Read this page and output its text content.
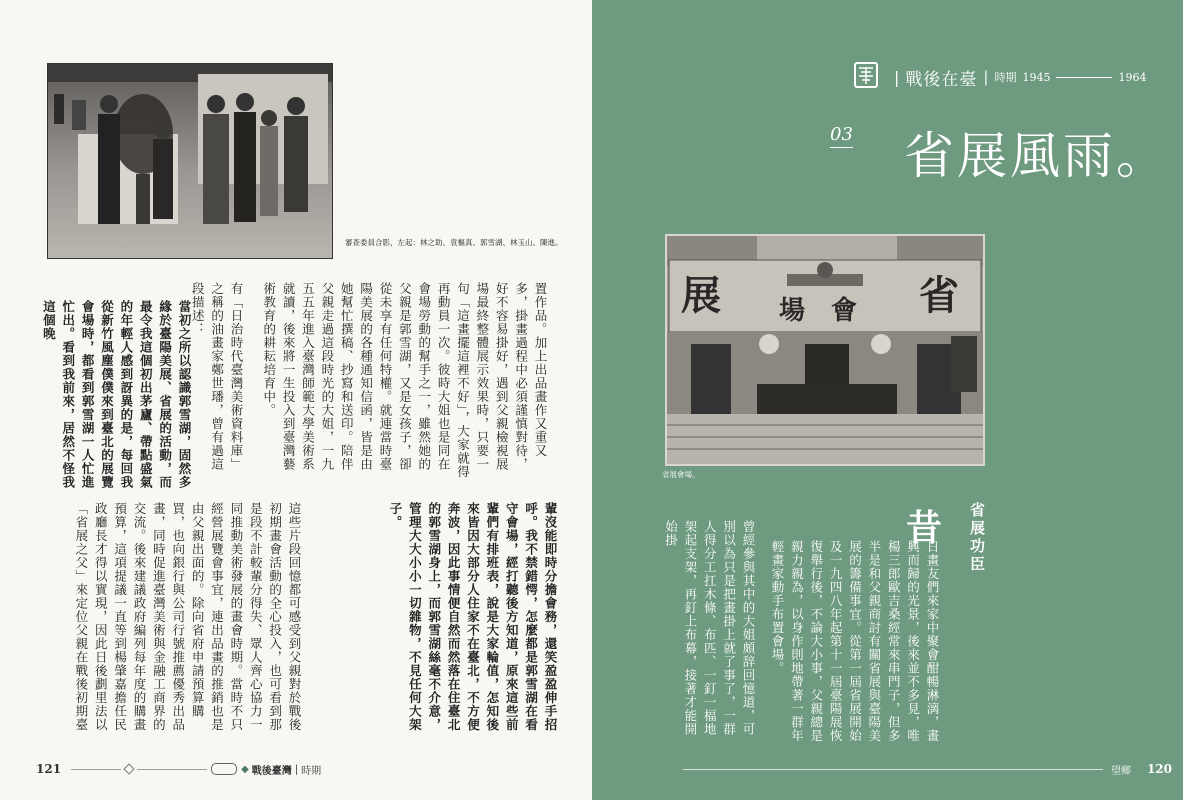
審查委員合影，左起：林之助、袁樞真、郭雪湖、林玉山、陳進。
置作品。加上出品畫作又重又多，掛畫過程中必須謹慎對待，好不容易掛好，遇到父親檢視展場最終整體展示效果時，只要一句「這畫擺這裡不好」，大家就得再動員一次。彼時大姐也是同在會場勞動的幫手之一，雖然她的父親是郭雪湖，又是女孩子，卻從未享有任何特權。就連當時臺陽美展的各種通知信函，皆是由她幫忙撰稿、抄寫和送印。陪伴父親走過這段時光的大姐，一九五五年進入臺灣師範大學美術系就讀，後來將一生投入到臺灣藝術教育的耕耘培育中。
有「日治時代臺灣美術資料庫」之稱的油畫家鄭世璠，曾有過這段描述：
當初之所以認識郭雪湖，固然多緣於臺陽美展、省展的活動，而最令我這個初出茅廬、帶點盛氣的年輕人感到訝異的是，每回我從新竹風塵僕僕來到臺北的展覽會場時，都看到郭雪湖一人忙進忙出。看到我前來，居然不怪我這個晚
輩沒能即時分擔會務，還笑盈盈伸手招呼。我不禁錯愕，怎麼都是郭雪湖在看守會場，經打聽後方知道，原來這些前輩們有排班表，說是大家輪值，怎知後來皆因大部分人住家不在臺北，不方便奔波，因此事情便自然而然落在住臺北的郭雪湖身上，而郭雪湖絲毫不介意，管理大大小小一切雜物，不見任何大架子。
這些片段回憶都可感受到父親對於戰後初期畫會活動的全心投入，也可看到那是段不計較輩分得失、眾人齊心協力一同推動美術發展的畫會時期。當時不只經營展覽會事宜，連出品畫的推銷也是由父親出面的。除向省府申請預算購買，也向銀行與公司行號推薦優秀出品畫，同時促進臺灣美術與金融工商界的交流。後來建議政府編列每年度的購畫預算，這項提議一直等到楊肇嘉擔任民政廳長才得以實現，因此日後劃里法以「省展之父」來定位父親在戰後初期臺
121	◆ 戰後臺灣 | 時期
| 戰後在臺 | 時期 1945	1964
03 省展風雨。
展	省
場　會
省展會場。
省展功臣
昔
日畫友們來家中聚會酣暢淋漓，畫興而歸的光景，後來並不多見，唯楊三郎歐吉桑經常來串門子，但多半是和父親商討有關省展與臺陽美展的籌備事宜。從第一屆省展開始及一九四八年起第十一屆臺陽展恢復舉行後，不論大小事，父親總是親力親為，以身作則地帶著一群年輕畫家動手布置會場。
曾經參與其中的大姐頗辞回憶道，可別以為只是把畫掛上就了事了，一群人得分工扛木條、布匹、一釘一楅地架起支架，再釘上布幕，接著才能開始掛
望鄉 120
